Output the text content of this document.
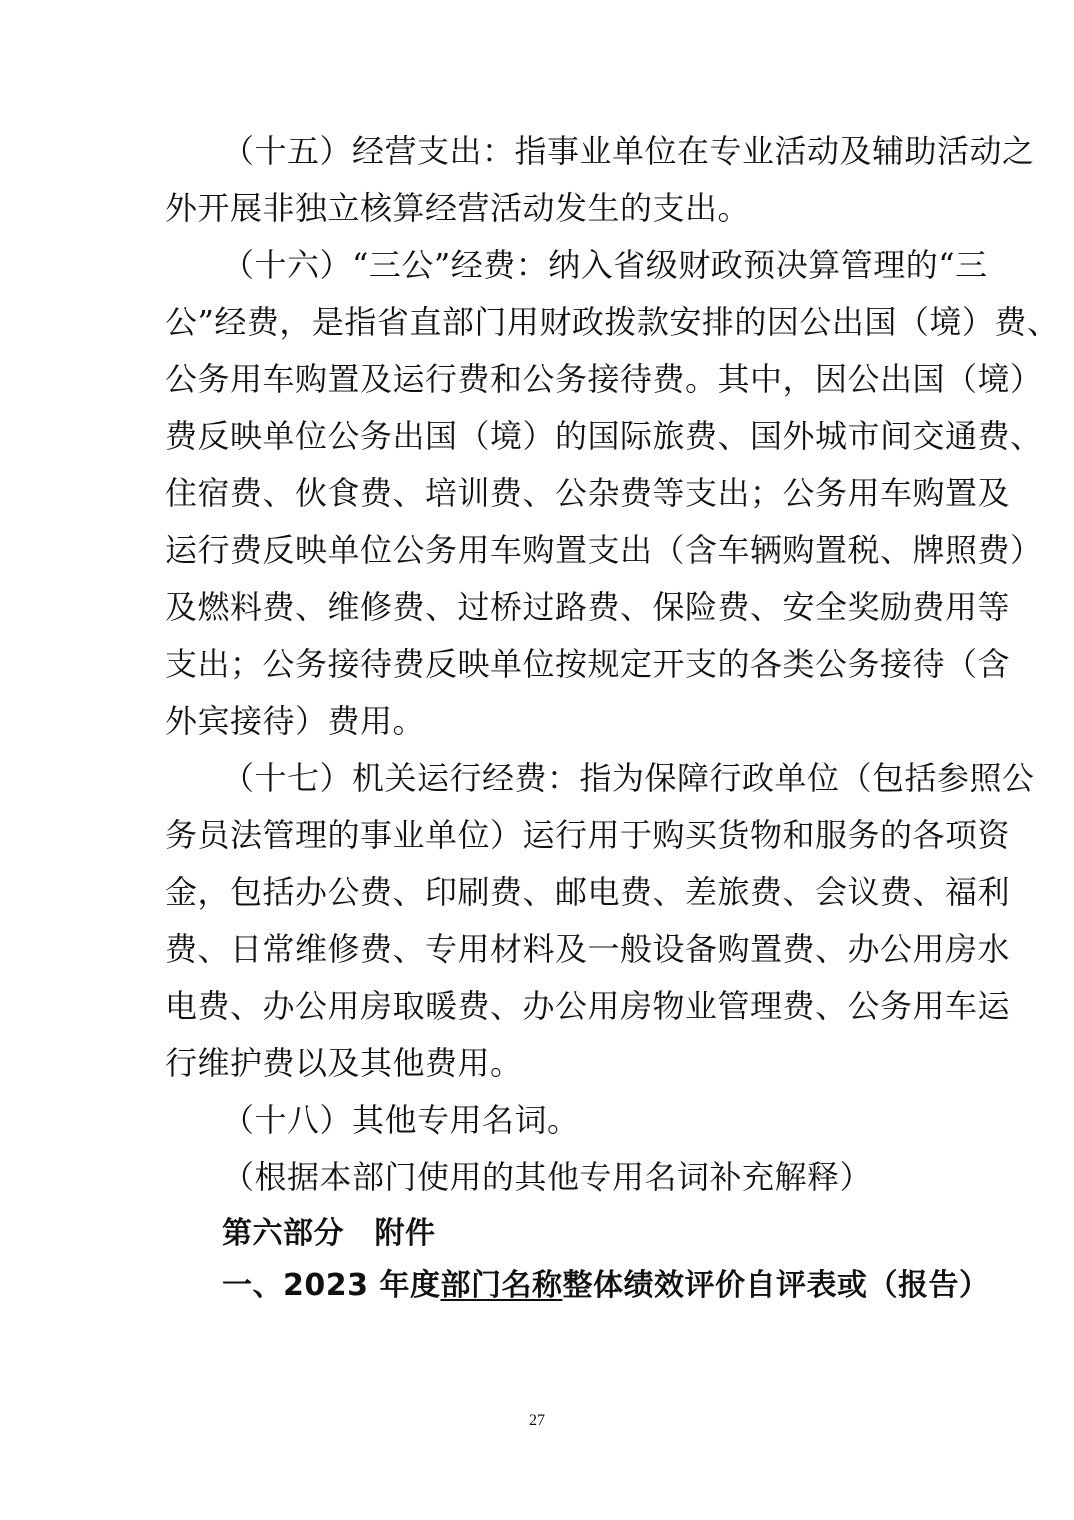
（十五）经营支出：指事业单位在专业活动及辅助活动之
外开展非独立核算经营活动发生的支出。
（十六）“三公”经费：纳入省级财政预决算管理的“三
公”经费，是指省直部门用财政拨款安排的因公出国（境）费、
公务用车购置及运行费和公务接待费。其中，因公出国（境）
费反映单位公务出国（境）的国际旅费、国外城市间交通费、
住宿费、伙食费、培训费、公杂费等支出；公务用车购置及
运行费反映单位公务用车购置支出（含车辆购置税、牌照费）
及燃料费、维修费、过桥过路费、保险费、安全奖励费用等
支出；公务接待费反映单位按规定开支的各类公务接待（含
外宾接待）费用。
（十七）机关运行经费：指为保障行政单位（包括参照公
务员法管理的事业单位）运行用于购买货物和服务的各项资
金，包括办公费、印刷费、邮电费、差旅费、会议费、福利
费、日常维修费、专用材料及一般设备购置费、办公用房水
电费、办公用房取暖费、办公用房物业管理费、公务用车运
行维护费以及其他费用。
（十八）其他专用名词。
（根据本部门使用的其他专用名词补充解释）
第六部分　附件
一、2023 年度部门名称整体绩效评价自评表或（报告）
27
